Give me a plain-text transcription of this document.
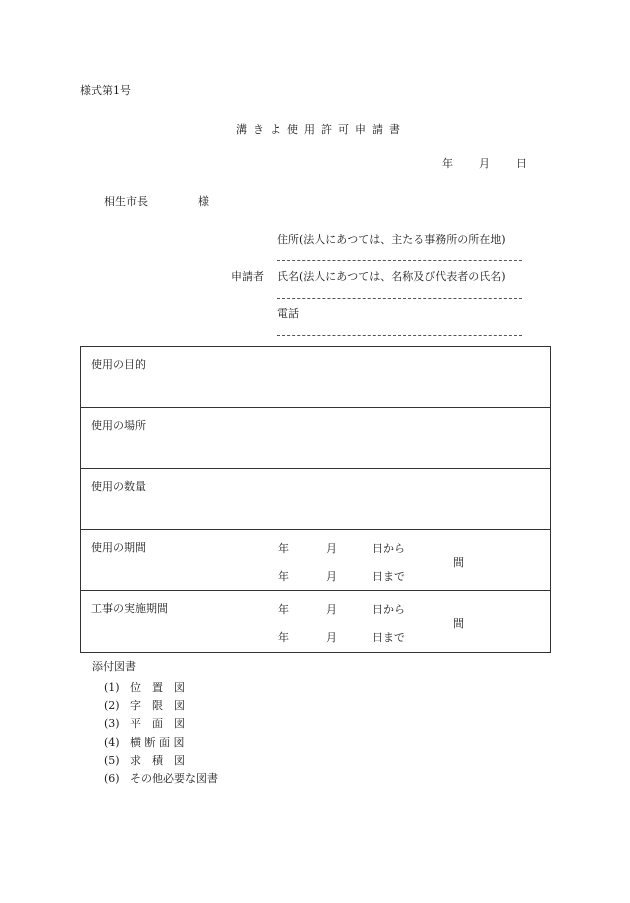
様式第1号
溝きよ使用許可申請書
年 月 日
相生市長	様
住所(法人にあつては、主たる事務所の所在地)
申請者 氏名(法人にあつては、名称及び代表者の氏名)
電話
使用の目的
使用の場所
使用の数量
使用の期間	年	月	日から
間
年	月	日まで
工事の実施期間	年	月	日から
間
年	月	日まで
添付図書
(1) 位　置　図
(2) 字　限　図
(3) 平　面　図
(4) 横 断 面 図
(5) 求　積　図
(6) その他必要な図書
